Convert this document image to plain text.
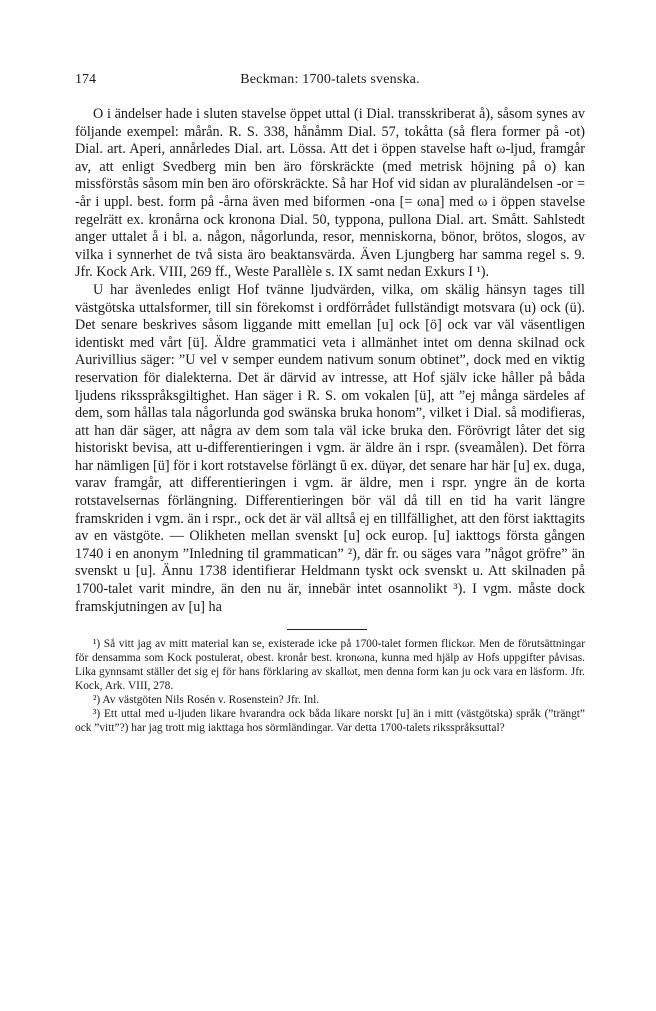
174	Beckman: 1700-talets svenska.

O i ändelser hade i sluten stavelse öppet uttal (i Dial. transskriberat å), såsom synes av följande exempel: mårån. R. S. 338, hånåmm Dial. 57, tokåtta (så flera former på -ot) Dial. art. Aperi, annårledes Dial. art. Lössa. Att det i öppen stavelse haft ω-ljud, framgår av, att enligt Svedberg min ben äro förskräckte (med metrisk höjning på o) kan missförstås såsom min ben äro oförskräckte. Så har Hof vid sidan av pluraländelsen -or = -år i uppl. best. form på -årna även med biformen -ona [= ωna] med ω i öppen stavelse regelrätt ex. kronårna ock kronona Dial. 50, typpona, pullona Dial. art. Smått. Sahlstedt anger uttalet å i bl. a. någon, någorlunda, resor, menniskorna, bönor, brötos, slogos, av vilka i synnerhet de två sista äro beaktansvärda. Även Ljungberg har samma regel s. 9. Jfr. Kock Ark. VIII, 269 ff., Weste Parallèle s. IX samt nedan Exkurs I ¹).

U har ävenledes enligt Hof tvänne ljudvärden, vilka, om skälig hänsyn tages till västgötska uttalsformer, till sin förekomst i ordförrådet fullständigt motsvara (u) ock (ü). Det senare beskrives såsom liggande mitt emellan [u] ock [ö] ock var väl väsentligen identiskt med vårt [ü]. Äldre grammatici veta i allmänhet intet om denna skilnad ock Aurivillius säger: ”U vel v semper eundem nativum sonum obtinet”, dock med en viktig reservation för dialekterna. Det är därvid av intresse, att Hof själv icke håller på båda ljudens riksspråksgiltighet. Han säger i R. S. om vokalen [ü], att ”ej många särdeles af dem, som hållas tala någorlunda god swänska bruka honom”, vilket i Dial. så modifieras, att han där säger, att några av dem som tala väl icke bruka den. Förövrigt låter det sig historiskt bevisa, att u-differentieringen i vgm. är äldre än i rspr. (sveamålen). Det förra har nämligen [ü] för i kort rotstavelse förlängt ŭ ex. düγər, det senare har här [u] ex. duga, varav framgår, att differentieringen i vgm. är äldre, men i rspr. yngre än de korta rotstavelsernas förlängning. Differentieringen bör väl då till en tid ha varit längre framskriden i vgm. än i rspr., ock det är väl alltså ej en tillfällighet, att den först iakttagits av en västgöte. — Olikheten mellan svenskt [u] ock europ. [u] iakttogs första gången 1740 i en anonym ”Inledning til grammatican” ²), där fr. ou säges vara ”något gröfre” än svenskt u [u]. Ännu 1738 identifierar Heldmann tyskt ock svenskt u. Att skilnaden på 1700-talet varit mindre, än den nu är, innebär intet osannolikt ³). I vgm. måste dock framskjutningen av [u] ha

¹) Så vitt jag av mitt material kan se, existerade icke på 1700-talet formen flickωr. Men de förutsättningar för densamma som Kock postulerat, obest. kronår best. kronωna, kunna med hjälp av Hofs uppgifter påvisas. Lika gynnsamt ställer det sig ej för hans förklaring av skallωt, men denna form kan ju ock vara en läsform. Jfr. Kock, Ark. VIII, 278.

²) Av västgöten Nils Rosén v. Rosenstein? Jfr. Inl.

³) Ett uttal med u-ljuden likare hvarandra ock båda likare norskt [u] än i mitt (västgötska) språk (”trängt” ock ”vitt”?) har jag trott mig iakttaga hos sörmländingar. Var detta 1700-talets riksspråksuttal?
